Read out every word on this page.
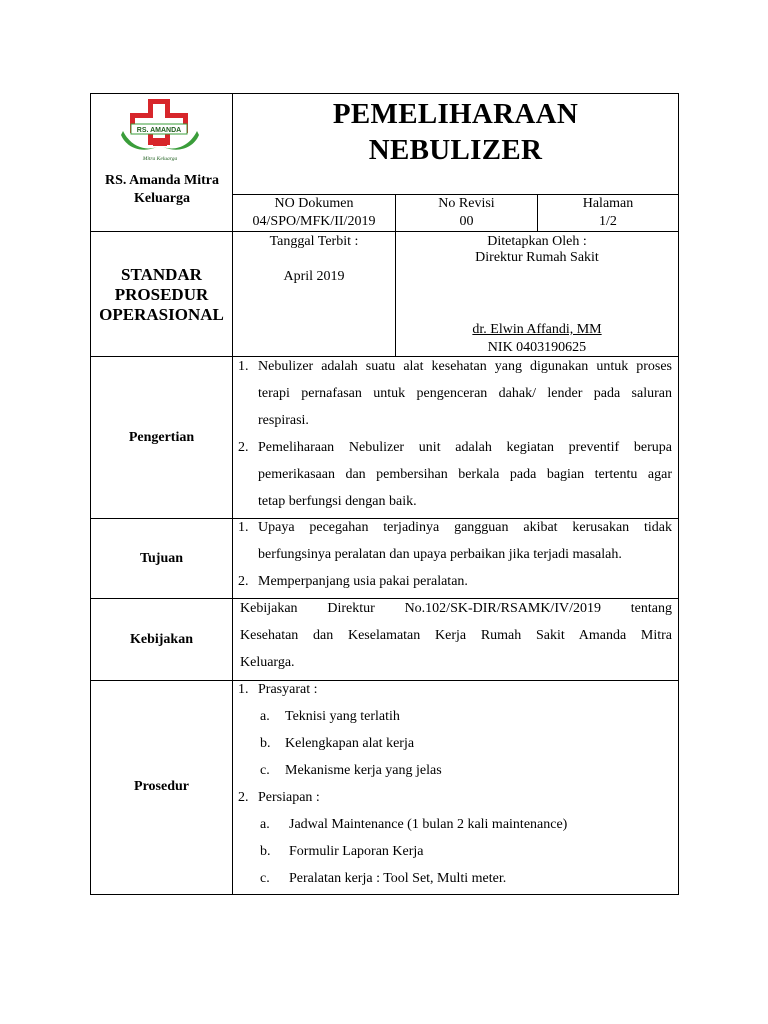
RS. AMANDA
Mitra Keluarga
RS. Amanda Mitra Keluarga
PEMELIHARAAN
NEBULIZER
NO Dokumen
04/SPO/MFK/II/2019
No Revisi
00
Halaman
1/2
STANDAR
PROSEDUR
OPERASIONAL
Tanggal Terbit :
April 2019
Ditetapkan Oleh :
Direktur Rumah Sakit
dr. Elwin Affandi, MM
NIK 0403190625
Pengertian
1. Nebulizer adalah suatu alat kesehatan yang digunakan untuk proses
terapi pernafasan untuk pengenceran dahak/ lender pada saluran
respirasi.
2. Pemeliharaan Nebulizer unit adalah kegiatan preventif berupa
pemerikasaan dan pembersihan berkala pada bagian tertentu agar
tetap berfungsi dengan baik.
Tujuan
1. Upaya pecegahan terjadinya gangguan akibat kerusakan tidak
berfungsinya peralatan dan upaya perbaikan jika terjadi masalah.
2. Memperpanjang usia pakai peralatan.
Kebijakan
Kebijakan Direktur No.102/SK-DIR/RSAMK/IV/2019 tentang
Kesehatan dan Keselamatan Kerja Rumah Sakit Amanda Mitra
Keluarga.
Prosedur
1. Prasyarat :
a. Teknisi yang terlatih
b. Kelengkapan alat kerja
c. Mekanisme kerja yang jelas
2. Persiapan :
a. Jadwal Maintenance (1 bulan 2 kali maintenance)
b. Formulir Laporan Kerja
c. Peralatan kerja : Tool Set, Multi meter.
